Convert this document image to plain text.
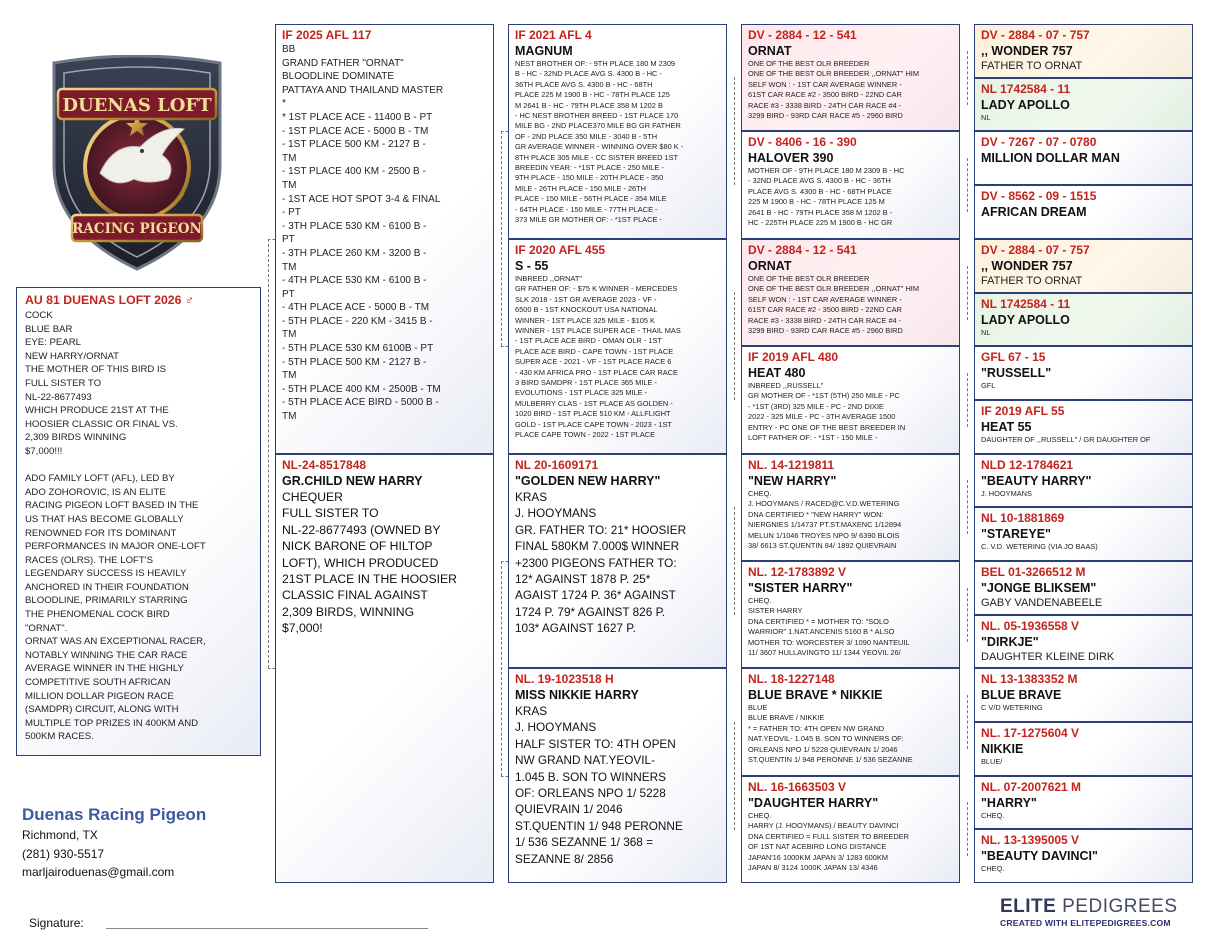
DUENAS LOFT
RACING PIGEON
AU 81 DUENAS LOFT 2026 ♂
COCK
BLUE BAR
EYE: PEARL
NEW HARRY/ORNAT
THE MOTHER OF THIS BIRD IS
FULL SISTER TO
NL-22-8677493
WHICH PRODUCE 21ST AT THE
HOOSIER CLASSIC OR FINAL VS.
2,309 BIRDS WINNING
$7,000!!!

ADO FAMILY LOFT (AFL), LED BY
ADO ZOHOROVIC, IS AN ELITE
RACING PIGEON LOFT BASED IN THE
US THAT HAS BECOME GLOBALLY
RENOWNED FOR ITS DOMINANT
PERFORMANCES IN MAJOR ONE-LOFT
RACES (OLRS). THE LOFT'S
LEGENDARY SUCCESS IS HEAVILY
ANCHORED IN THEIR FOUNDATION
BLOODLINE, PRIMARILY STARRING
THE PHENOMENAL COCK BIRD
"ORNAT".
ORNAT WAS AN EXCEPTIONAL RACER,
NOTABLY WINNING THE CAR RACE
AVERAGE WINNER IN THE HIGHLY
COMPETITIVE SOUTH AFRICAN
MILLION DOLLAR PIGEON RACE
(SAMDPR) CIRCUIT, ALONG WITH
MULTIPLE TOP PRIZES IN 400KM AND
500KM RACES.
Duenas Racing Pigeon
Richmond, TX
(281) 930-5517
marljairoduenas@gmail.com
Signature:
IF 2025 AFL 117
BB
GRAND FATHER "ORNAT"
BLOODLINE DOMINATE
PATTAYA AND THAILAND MASTER
*
* 1ST PLACE ACE - 11400 B - PT
- 1ST PLACE ACE - 5000 B - TM
- 1ST PLACE 500 KM - 2127 B -
TM
- 1ST PLACE 400 KM - 2500 B -
TM
- 1ST ACE HOT SPOT 3-4 & FINAL
- PT
- 3TH PLACE 530 KM - 6100 B -
PT
- 3TH PLACE 260 KM - 3200 B -
TM
- 4TH PLACE 530 KM - 6100 B -
PT
- 4TH PLACE ACE - 5000 B - TM
- 5TH PLACE - 220 KM - 3415 B -
TM
- 5TH PLACE 530 KM 6100B - PT
- 5TH PLACE 500 KM - 2127 B -
TM
- 5TH PLACE 400 KM - 2500B - TM
- 5TH PLACE ACE BIRD - 5000 B -
TM
NL-24-8517848
GR.CHILD NEW HARRY
CHEQUER
FULL SISTER TO
NL-22-8677493 (OWNED BY
NICK BARONE OF HILTOP
LOFT), WHICH PRODUCED
21ST PLACE IN THE HOOSIER
CLASSIC FINAL AGAINST
2,309 BIRDS, WINNING
$7,000!
IF 2021 AFL 4
MAGNUM
NEST BROTHER OF: - 9TH PLACE 180 M 2309
B - HC - 32ND PLACE AVG S. 4300 B - HC -
36TH PLACE AVG S. 4300 B - HC - 68TH
PLACE 225 M 1900 B - HC - 78TH PLACE 125
M 2641 B - HC - 79TH PLACE 358 M 1202 B
- HC NEST BROTHER BREED - 1ST PLACE 170
MILE BG - 2ND PLACE370 MILE BG GR FATHER
OF - 2ND PLACE 350 MILE - 3040 B - 5TH
GR AVERAGE WINNER - WINNING OVER $80 K -
8TH PLACE 305 MILE - CC SISTER BREED 1ST
BREEDIN YEAR: - *1ST PLACE - 250 MILE -
9TH PLACE - 150 MILE - 20TH PLACE - 350
MILE - 26TH PLACE - 150 MILE - 26TH
PLACE - 150 MILE - 56TH PLACE - 354 MILE
- 64TH PLACE - 150 MILE - 77TH PLACE -
373 MILE GR MOTHER OF: - *1ST PLACE -
IF 2020 AFL 455
S - 55
INBREED ,,ORNAT"
GR FATHER OF: - $75 K WINNER - MERCEDES
SLK 2018 - 1ST GR AVERAGE 2023 - VF -
6500 B - 1ST KNOCKOUT USA NATIONAL
WINNER - 1ST PLACE 325 MILE - $105 K
WINNER - 1ST PLACE SUPER ACE - THAIL MAS
- 1ST PLACE ACE BIRD - OMAN OLR - 1ST
PLACE ACE BIRD - CAPE TOWN - 1ST PLACE
SUPER ACE - 2021 - VF - 1ST PLACE RACE 6
- 430 KM AFRICA PRO - 1ST PLACE CAR RACE
3 BIRD SAMDPR - 1ST PLACE 365 MILE -
EVOLUTIONS - 1ST PLACE 325 MILE -
MULBERRY CLAS - 1ST PLACE AS GOLDEN -
1020 BIRD - 1ST PLACE 510 KM - ALLFLIGHT
GOLD - 1ST PLACE CAPE TOWN - 2023 - 1ST
PLACE CAPE TOWN - 2022 - 1ST PLACE
NL 20-1609171
"GOLDEN NEW HARRY"
KRAS
J. HOOYMANS
GR. FATHER TO: 21* HOOSIER
FINAL 580KM 7.000$ WINNER
+2300 PIGEONS FATHER TO:
12* AGAINST 1878 P. 25*
AGAIST 1724 P. 36* AGAINST
1724 P. 79* AGAINST 826 P.
103* AGAINST 1627 P.
NL. 19-1023518 H
MISS NIKKIE HARRY
KRAS
J. HOOYMANS
HALF SISTER TO: 4TH OPEN
NW GRAND NAT.YEOVIL-
1.045 B. SON TO WINNERS
OF: ORLEANS NPO 1/ 5228
QUIEVRAIN 1/ 2046
ST.QUENTIN 1/ 948 PERONNE
1/ 536 SEZANNE 1/ 368 =
SEZANNE 8/ 2856
DV - 2884 - 12 - 541
ORNAT
ONE OF THE BEST OLR BREEDER
ONE OF THE BEST OLR BREEDER ,,ORNAT" HIM
SELF WON : - 1ST CAR AVERAGE WINNER -
61ST CAR RACE #2 - 3500 BIRD - 22ND CAR
RACE #3 - 3338 BIRD - 24TH CAR RACE #4 -
3299 BIRD - 93RD CAR RACE #5 - 2960 BIRD
DV - 8406 - 16 - 390
HALOVER 390
MOTHER OF - 9TH PLACE 180 M 2309 B - HC
- 32ND PLACE AVG S. 4300 B - HC - 36TH
PLACE AVG S. 4300 B - HC - 68TH PLACE
225 M 1900 B - HC - 78TH PLACE 125 M
2641 B - HC - 79TH PLACE 358 M 1202 B -
HC - 225TH PLACE 225 M 1900 B - HC GR
DV - 2884 - 12 - 541
ORNAT
ONE OF THE BEST OLR BREEDER
ONE OF THE BEST OLR BREEDER ,,ORNAT" HIM
SELF WON : - 1ST CAR AVERAGE WINNER -
61ST CAR RACE #2 - 3500 BIRD - 22ND CAR
RACE #3 - 3338 BIRD - 24TH CAR RACE #4 -
3299 BIRD - 93RD CAR RACE #5 - 2960 BIRD
IF 2019 AFL 480
HEAT 480
INBREED ,,RUSSELL"
GR MOTHER OF - *1ST (5TH) 250 MILE - PC
- *1ST (3RD) 325 MILE - PC - 2ND DIXIE
2022 - 325 MILE - PC - 3TH AVERAGE 1500
ENTRY - PC ONE OF THE BEST BREEDER IN
LOFT FATHER OF: - *1ST - 150 MILE -
NL. 14-1219811
"NEW HARRY"
CHEQ.
J. HOOYMANS / RACED@C.V.D.WETERING
DNA CERTIFIED * "NEW HARRY" WON:
NIERGNIES 1/14737 PT.ST.MAXENC 1/12894
MELUN 1/1046 TROYES NPO 9/ 6390 BLOIS
38/ 6613 ST.QUENTIN 84/ 1892 QUIEVRAIN
NL. 12-1783892 V
"SISTER HARRY"
CHEQ.
SISTER HARRY
DNA CERTIFIED * = MOTHER TO: "SOLO
WARRIOR" 1.NAT.ANCENIS 5160 B * ALSO
MOTHER TO: WORCESTER 3/ 1090 NANTEUIL
11/ 3607 HULLAVINGTO 11/ 1344 YEOVIL 26/
NL. 18-1227148
BLUE BRAVE * NIKKIE
BLUE
BLUE BRAVE / NIKKIE
* = FATHER TO: 4TH OPEN NW GRAND
NAT.YEOVIL- 1.045 B. SON TO WINNERS OF:
ORLEANS NPO 1/ 5228 QUIEVRAIN 1/ 2046
ST.QUENTIN 1/ 948 PERONNE 1/ 536 SEZANNE
NL. 16-1663503 V
"DAUGHTER HARRY"
CHEQ.
HARRY (J. HOOYMANS) / BEAUTY DAVINCI
DNA CERTIFIED = FULL SISTER TO BREEDER
OF 1ST NAT ACEBIRD LONG DISTANCE
JAPAN'16 1000KM JAPAN 3/ 1283 600KM
JAPAN 8/ 3124 1000K JAPAN 13/ 4346
DV - 2884 - 07 - 757
,, WONDER 757
FATHER TO ORNAT
NL 1742584 - 11
LADY APOLLO
NL
DV - 7267 - 07 - 0780
MILLION DOLLAR MAN
DV - 8562 - 09 - 1515
AFRICAN DREAM
DV - 2884 - 07 - 757
,, WONDER 757
FATHER TO ORNAT
NL 1742584 - 11
LADY APOLLO
NL
GFL 67 - 15
"RUSSELL"
GFL
IF 2019 AFL 55
HEAT 55
DAUGHTER OF ,,RUSSELL" / GR DAUGHTER OF
NLD 12-1784621
"BEAUTY HARRY"
J. HOOYMANS
NL 10-1881869
"STAREYE"
C. V.D. WETERING (VIA JO BAAS)
BEL 01-3266512 M
"JONGE BLIKSEM"
GABY VANDENABEELE
NL. 05-1936558 V
"DIRKJE"
DAUGHTER KLEINE DIRK
NL 13-1383352 M
BLUE BRAVE
C V/D WETERING
NL. 17-1275604 V
NIKKIE
BLUE/
NL. 07-2007621 M
"HARRY"
CHEQ.
NL. 13-1395005 V
"BEAUTY DAVINCI"
CHEQ.
ELITE PEDIGREES
CREATED WITH ELITEPEDIGREES.COM
